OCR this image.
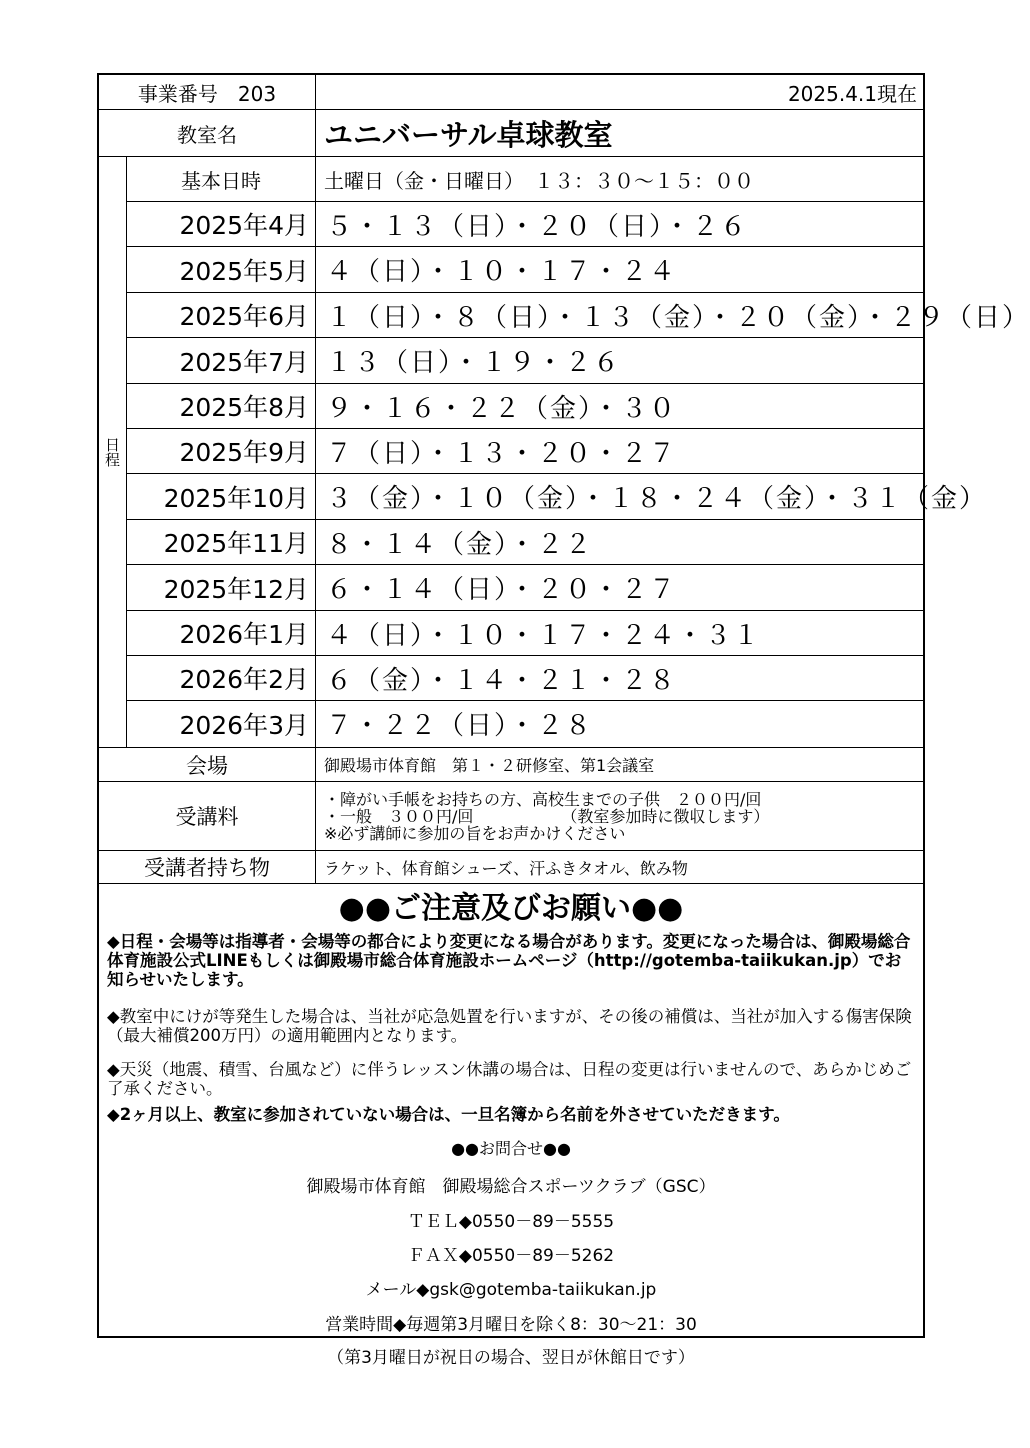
事業番号　203	2025.4.1現在
教室名	ユニバーサル卓球教室
日程
基本日時	土曜日（金・日曜日）　１３：３０～１５：００
2025年4月 ５・１３（日）・２０（日）・２６
2025年5月 ４（日）・１０・１７・２４
2025年6月 １（日）・８（日）・１３（金）・２０（金）・２９（日）
2025年7月 １３（日）・１９・２６
2025年8月 ９・１６・２２（金）・３０
2025年9月 ７（日）・１３・２０・２７
2025年10月 ３（金）・１０（金）・１８・２４（金）・３１（金）
2025年11月 ８・１４（金）・２２
2025年12月 ６・１４（日）・２０・２７
2026年1月 ４（日）・１０・１７・２４・３１
2026年2月 ６（金）・１４・２１・２８
2026年3月 ７・２２（日）・２８
会場	御殿場市体育館　第１・２研修室、第1会議室
受講料
・障がい手帳をお持ちの方、高校生までの子供　２００円/回
・一般　３００円/回　　　　　　（教室参加時に徴収します）
※必ず講師に参加の旨をお声かけください
受講者持ち物	ラケット、体育館シューズ、汗ふきタオル、飲み物
●●ご注意及びお願い●●
◆日程・会場等は指導者・会場等の都合により変更になる場合があります。変更になった場合は、御殿場総合体育施設公式LINEもしくは御殿場市総合体育施設ホームページ（http://gotemba-taiikukan.jp）でお知らせいたします。
◆教室中にけが等発生した場合は、当社が応急処置を行いますが、その後の補償は、当社が加入する傷害保険（最大補償200万円）の適用範囲内となります。
◆天災（地震、積雪、台風など）に伴うレッスン休講の場合は、日程の変更は行いませんので、あらかじめご了承ください。
◆2ヶ月以上、教室に参加されていない場合は、一旦名簿から名前を外させていただきます。
●●お問合せ●●
御殿場市体育館　御殿場総合スポーツクラブ（GSC）
ＴＥＬ◆0550－89－5555
ＦＡＸ◆0550－89－5262
メール◆gsk@gotemba-taiikukan.jp
営業時間◆毎週第3月曜日を除く8：30～21：30
（第3月曜日が祝日の場合、翌日が休館日です）
